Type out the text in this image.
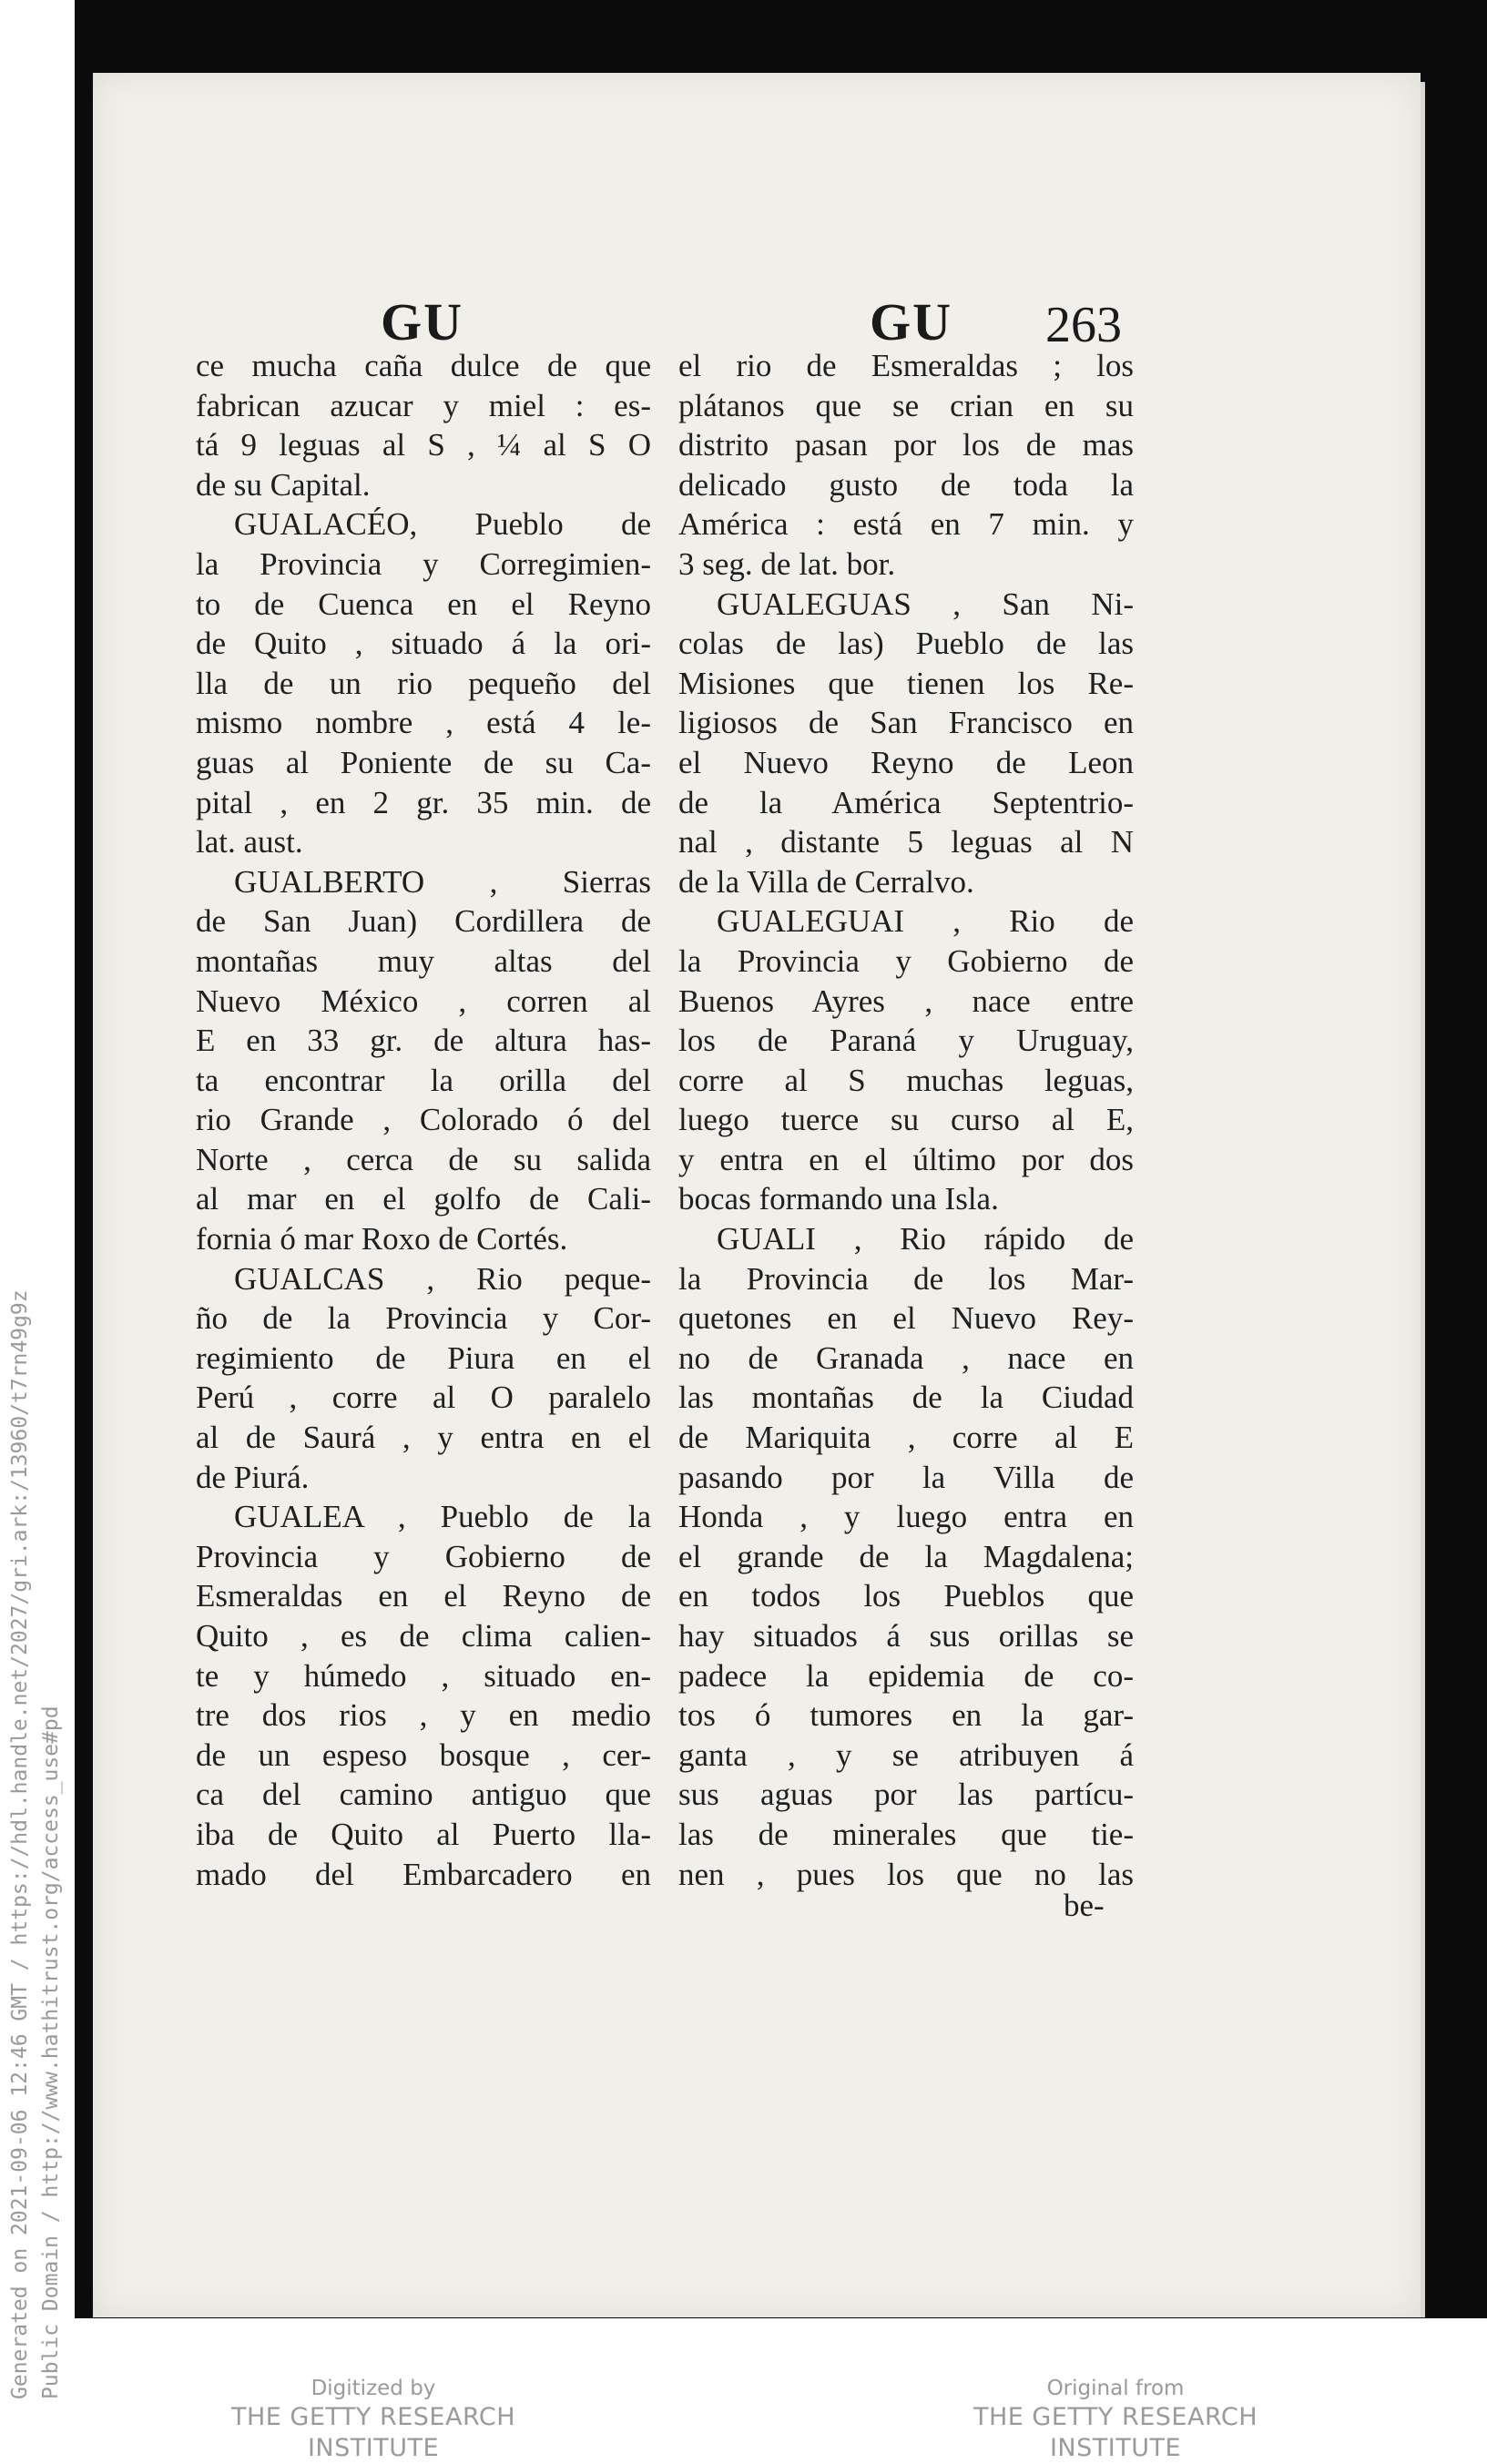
GU	GU 263
ce mucha caña dulce de que
fabrican azucar y miel : es-
tá 9 leguas al S , ¼ al S O
de su Capital.
GUALACÉO, Pueblo de
la Provincia y Corregimien-
to de Cuenca en el Reyno
de Quito , situado á la ori-
lla de un rio pequeño del
mismo nombre , está 4 le-
guas al Poniente de su Ca-
pital , en 2 gr. 35 min. de
lat. aust.
GUALBERTO , Sierras
de San Juan) Cordillera de
montañas muy altas del
Nuevo México , corren al
E en 33 gr. de altura has-
ta encontrar la orilla del
rio Grande , Colorado ó del
Norte , cerca de su salida
al mar en el golfo de Cali-
fornia ó mar Roxo de Cortés.
GUALCAS , Rio peque-
ño de la Provincia y Cor-
regimiento de Piura en el
Perú , corre al O paralelo
al de Saurá , y entra en el
de Piurá.
GUALEA , Pueblo de la
Provincia y Gobierno de
Esmeraldas en el Reyno de
Quito , es de clima calien-
te y húmedo , situado en-
tre dos rios , y en medio
de un espeso bosque , cer-
ca del camino antiguo que
iba de Quito al Puerto lla-
mado del Embarcadero en
el rio de Esmeraldas ; los
plátanos que se crian en su
distrito pasan por los de mas
delicado gusto de toda la
América : está en 7 min. y
3 seg. de lat. bor.
GUALEGUAS , San Ni-
colas de las) Pueblo de las
Misiones que tienen los Re-
ligiosos de San Francisco en
el Nuevo Reyno de Leon
de la América Septentrio-
nal , distante 5 leguas al N
de la Villa de Cerralvo.
GUALEGUAI , Rio de
la Provincia y Gobierno de
Buenos Ayres , nace entre
los de Paraná y Uruguay,
corre al S muchas leguas,
luego tuerce su curso al E,
y entra en el último por dos
bocas formando una Isla.
GUALI , Rio rápido de
la Provincia de los Mar-
quetones en el Nuevo Rey-
no de Granada , nace en
las montañas de la Ciudad
de Mariquita , corre al E
pasando por la Villa de
Honda , y luego entra en
el grande de la Magdalena;
en todos los Pueblos que
hay situados á sus orillas se
padece la epidemia de co-
tos ó tumores en la gar-
ganta , y se atribuyen á
sus aguas por las partícu-
las de minerales que tie-
nen , pues los que no las
be-
Generated on 2021-09-06 12:46 GMT / https://hdl.handle.net/2027/gri.ark:/13960/t7rn49g9z Public Domain / http://www.hathitrust.org/access_use#pd	Digitized by
THE GETTY RESEARCH INSTITUTE
Original from
THE GETTY RESEARCH INSTITUTE
